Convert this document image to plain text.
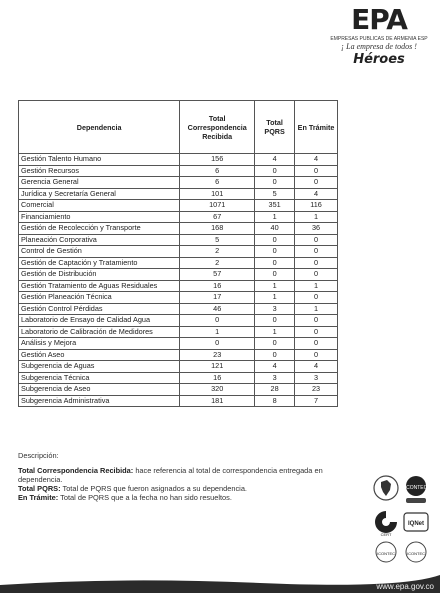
EPA
EMPRESAS PUBLICAS DE ARMENIA ESP
¡ La empresa de todos !
Héroes
Dependencia	Total Correspondencia Recibida	Total PQRS	En Trámite
Gestión Talento Humano	156	4	4
Gestión Recursos	6	0	0
Gerencia General	6	0	0
Jurídica y Secretaría General	101	5	4
Comercial	1071	351	116
Financiamiento	67	1	1
Gestión de Recolección y Transporte	168	40	36
Planeación Corporativa	5	0	0
Control de Gestión	2	0	0
Gestión de Captación y Tratamiento	2	0	0
Gestión de Distribución	57	0	0
Gestión Tratamiento de Aguas Residuales	16	1	1
Gestión Planeación Técnica	17	1	0
Gestión Control Pérdidas	46	3	1
Laboratorio de Ensayo de Calidad Agua	0	0	0
Laboratorio de Calibración de Medidores	1	1	0
Análisis y Mejora	0	0	0
Gestión Aseo	23	0	0
Subgerencia de Aguas	121	4	4
Subgerencia Técnica	16	3	3
Subgerencia de Aseo	320	28	23
Subgerencia Administrativa	181	8	7
Descripción:

Total Correspondencia Recibida: hace referencia al total de correspondencia entregada en dependencia.

Total PQRS: Total de PQRS que fueron asignados a su dependencia.

En Trámite: Total de PQRS que a la fecha no han sido resueltos.

ICONTEC
CERT
IQNet
ICONTEC	ICONTEC
www.epa.gov.co
